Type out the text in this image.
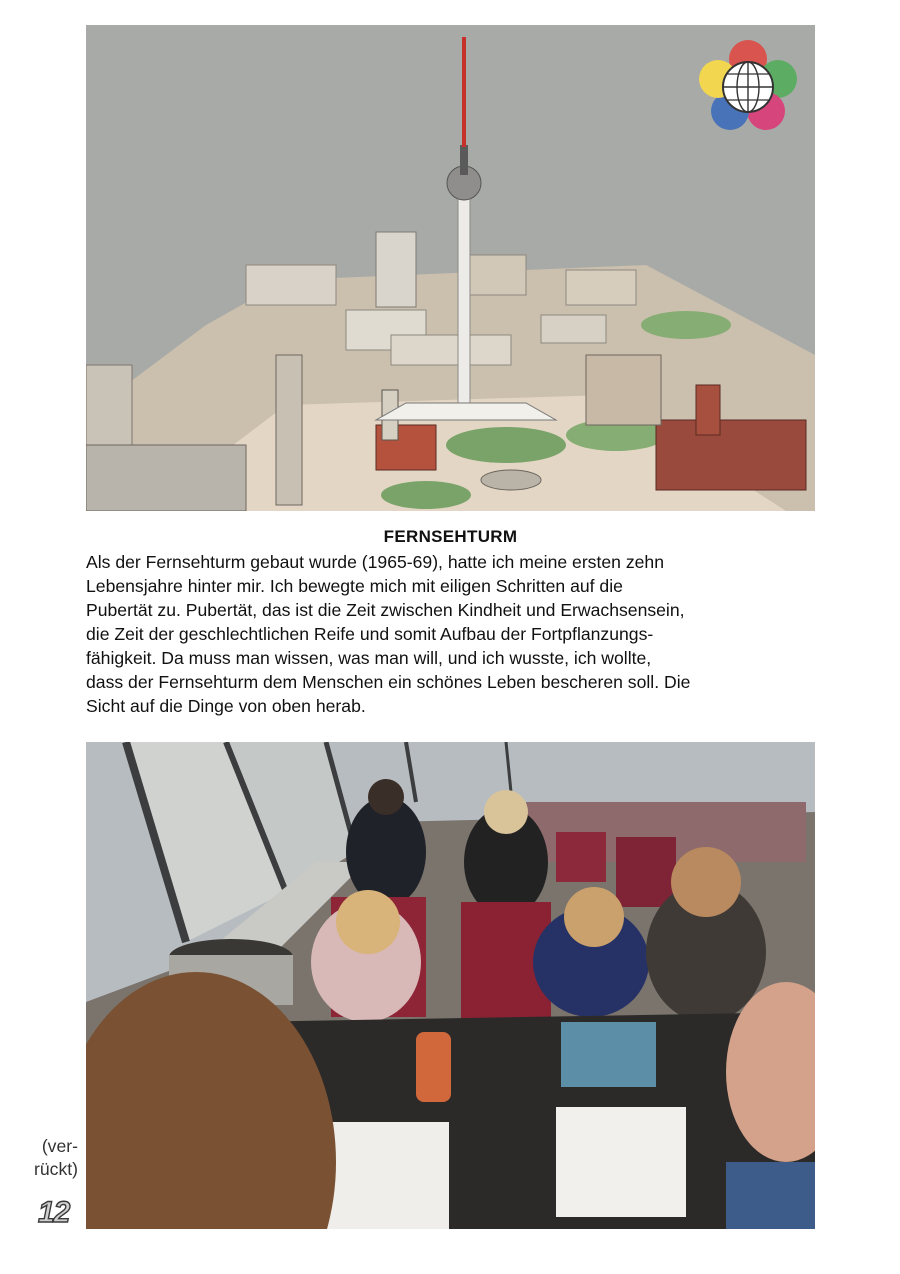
FERNSEHTURM
Als der Fernsehturm gebaut wurde (1965-69), hatte ich meine ersten zehn
Lebensjahre hinter mir. Ich bewegte mich mit eiligen Schritten auf die
Pubertät zu. Pubertät, das ist die Zeit zwischen Kindheit und Erwachsensein,
die Zeit der geschlechtlichen Reife und somit Aufbau der Fortpflanzungs-
fähigkeit. Da muss man wissen, was man will, und ich wusste, ich wollte,
dass der Fernsehturm dem Menschen ein schönes Leben bescheren soll. Die
Sicht auf die Dinge von oben herab.
(ver-
rückt)
12
